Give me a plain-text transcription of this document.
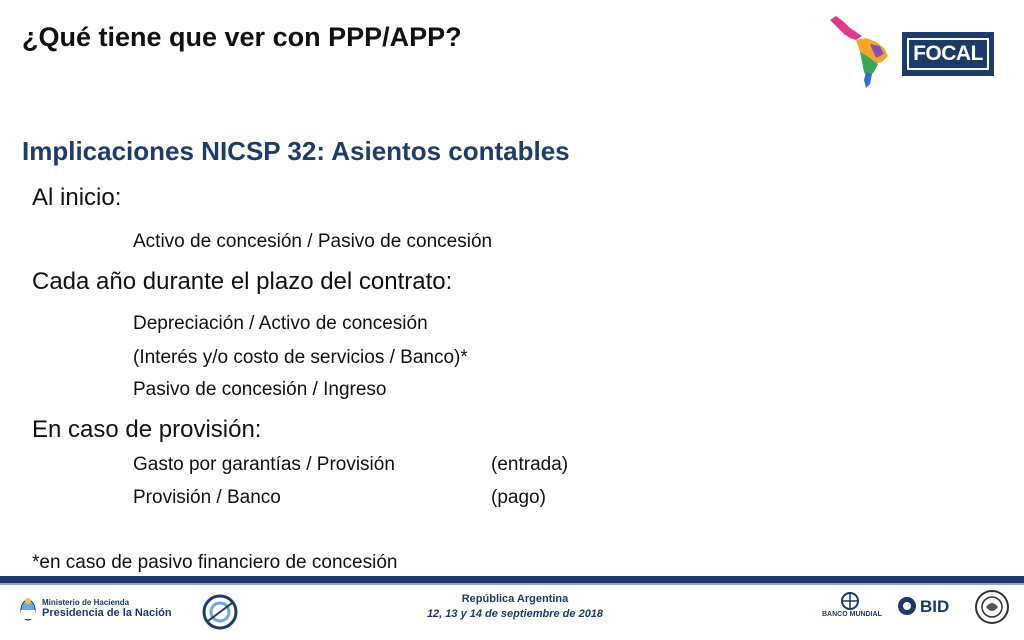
¿Qué tiene que ver con PPP/APP?
FOCAL
Implicaciones NICSP 32: Asientos contables
Al inicio:
Activo de concesión / Pasivo de concesión
Cada año durante el plazo del contrato:
Depreciación / Activo de concesión
(Interés y/o costo de servicios / Banco)*
Pasivo de concesión / Ingreso
En caso de provisión:
Gasto por garantías / Provisión	(entrada)
Provisión / Banco	(pago)
*en caso de pasivo financiero de concesión
Ministerio de Hacienda
Presidencia de la Nación
República Argentina
12, 13 y 14 de septiembre de 2018	BANCO MUNDIAL BID
